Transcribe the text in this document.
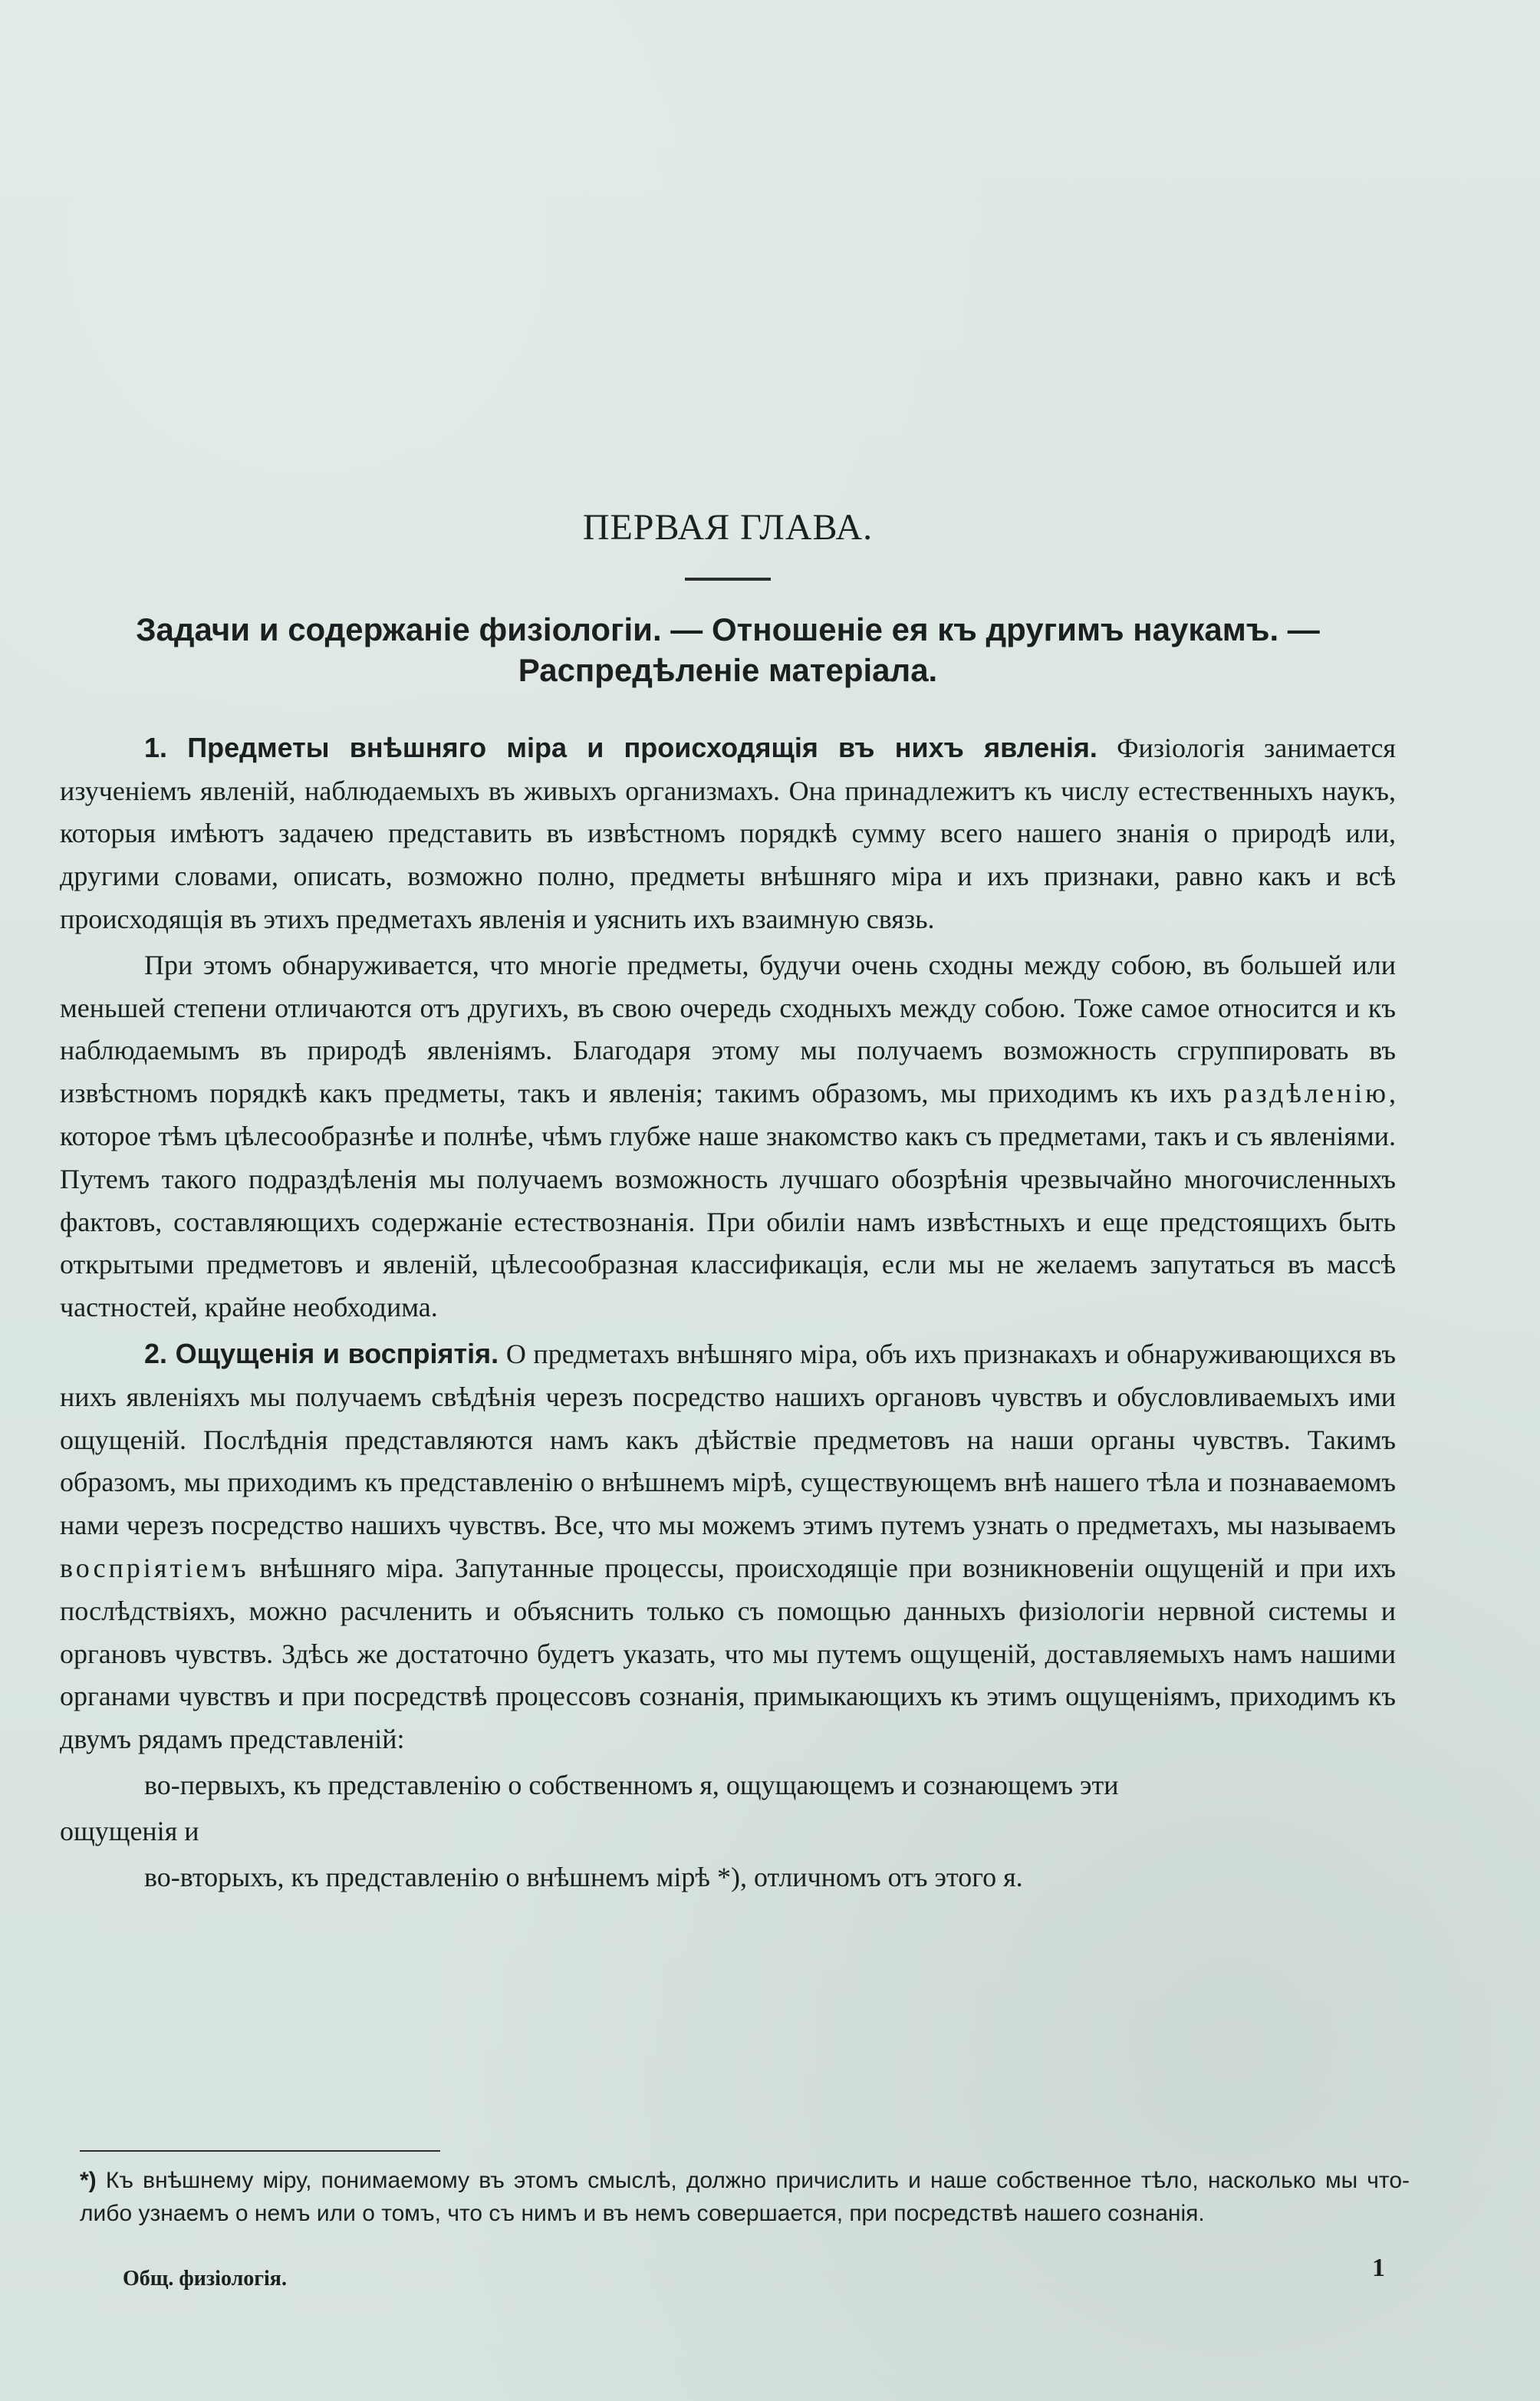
ПЕРВАЯ ГЛАВА.
Задачи и содержаніе физіологіи. — Отношеніе ея къ другимъ наукамъ. — Распредѣленіе матеріала.

1. Предметы внѣшняго міра и происходящія въ нихъ явленія. Физіологія занимается изученіемъ явленій, наблюдаемыхъ въ живыхъ организмахъ. Она принадлежитъ къ числу естественныхъ наукъ, которыя имѣютъ задачею представить въ извѣстномъ порядкѣ сумму всего нашего знанія о природѣ или, другими словами, описать, возможно полно, предметы внѣшняго міра и ихъ признаки, равно какъ и всѣ происходящія въ этихъ предметахъ явленія и уяснить ихъ взаимную связь.

При этомъ обнаруживается, что многіе предметы, будучи очень сходны между собою, въ большей или меньшей степени отличаются отъ другихъ, въ свою очередь сходныхъ между собою. Тоже самое относится и къ наблюдаемымъ въ природѣ явленіямъ. Благодаря этому мы получаемъ возможность сгруппировать въ извѣстномъ порядкѣ какъ предметы, такъ и явленія; такимъ образомъ, мы приходимъ къ ихъ раздѣленію, которое тѣмъ цѣлесообразнѣе и полнѣе, чѣмъ глубже наше знакомство какъ съ предметами, такъ и съ явленіями. Путемъ такого подраздѣленія мы получаемъ возможность лучшаго обозрѣнія чрезвычайно многочисленныхъ фактовъ, составляющихъ содержаніе естествознанія. При обиліи намъ извѣстныхъ и еще предстоящихъ быть открытыми предметовъ и явленій, цѣлесообразная классификація, если мы не желаемъ запутаться въ массѣ частностей, крайне необходима.

2. Ощущенія и воспріятія. О предметахъ внѣшняго міра, объ ихъ признакахъ и обнаруживающихся въ нихъ явленіяхъ мы получаемъ свѣдѣнія черезъ посредство нашихъ органовъ чувствъ и обусловливаемыхъ ими ощущеній. Послѣднія представляются намъ какъ дѣйствіе предметовъ на наши органы чувствъ. Такимъ образомъ, мы приходимъ къ представленію о внѣшнемъ мірѣ, существующемъ внѣ нашего тѣла и познаваемомъ нами черезъ посредство нашихъ чувствъ. Все, что мы можемъ этимъ путемъ узнать о предметахъ, мы называемъ воспріятіемъ внѣшняго міра. Запутанные процессы, происходящіе при возникновеніи ощущеній и при ихъ послѣдствіяхъ, можно расчленить и объяснить только съ помощью данныхъ физіологіи нервной системы и органовъ чувствъ. Здѣсь же достаточно будетъ указать, что мы путемъ ощущеній, доставляемыхъ намъ нашими органами чувствъ и при посредствѣ процессовъ сознанія, примыкающихъ къ этимъ ощущеніямъ, приходимъ къ двумъ рядамъ представленій:

во-первыхъ, къ представленію о собственномъ я, ощущающемъ и сознающемъ эти

ощущенія и

во-вторыхъ, къ представленію о внѣшнемъ мірѣ *), отличномъ отъ этого я.

*) Къ внѣшнему міру, понимаемому въ этомъ смыслѣ, должно причислить и наше собственное тѣло, насколько мы что-либо узнаемъ о немъ или о томъ, что съ нимъ и въ немъ совершается, при посредствѣ нашего сознанія.
1
Общ. физіологія.
